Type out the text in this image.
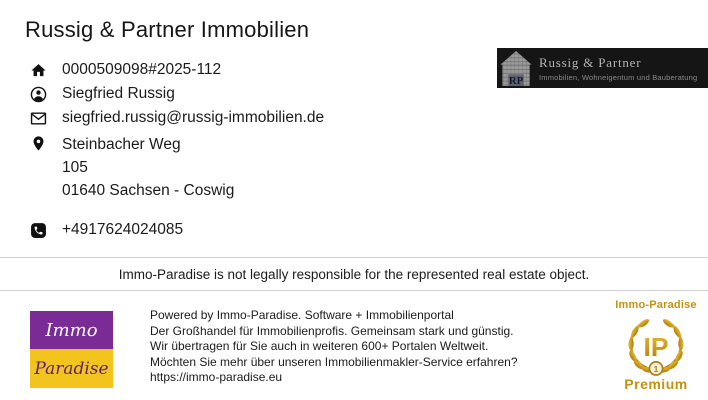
Russig & Partner Immobilien
RP
Russig & Partner
Immobilien, Wohneigentum und Bauberatung
0000509098#2025-112
Siegfried Russig
siegfried.russig@russig-immobilien.de
Steinbacher Weg
105
01640 Sachsen - Coswig
+4917624024085
Immo-Paradise is not legally responsible for the represented real estate object.
Immo
Paradise
Powered by Immo-Paradise. Software + Immobilienportal
Der Großhandel für Immobilienprofis. Gemeinsam stark und günstig.
Wir übertragen für Sie auch in weiteren 600+ Portalen Weltweit.
Möchten Sie mehr über unseren Immobilienmakler-Service erfahren?
https://immo-paradise.eu
Immo-Paradise
IP
1
Premium
